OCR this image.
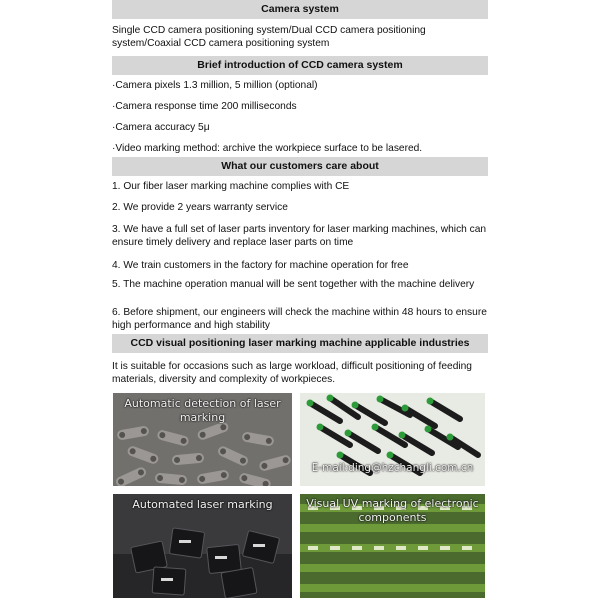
Camera system

Single CCD camera positioning system/Dual CCD camera positioning system/Coaxial CCD camera positioning system

Brief introduction of CCD camera system

·Camera pixels 1.3 million, 5 million (optional)

·Camera response time 200 milliseconds

·Camera accuracy 5μ

·Video marking method: archive the workpiece surface to be lasered.

What our customers care about

1. Our fiber laser marking machine complies with CE

2. We provide 2 years warranty service

3. We have a full set of laser parts inventory for laser marking machines, which can ensure timely delivery and replace laser parts on time

4. We train customers in the factory for machine operation for free

5. The machine operation manual will be sent together with the machine delivery

6. Before shipment, our engineers will check the machine within 48 hours to ensure high performance and high stability

CCD visual positioning laser marking machine applicable industries

It is suitable for occasions such as large workload, difficult positioning of feeding materials, diversity and complexity of workpieces.

Automatic detection of laser marking
E-mail:ding@hzchangli.com.cn
Automated laser marking	Visual UV marking of electronic components
